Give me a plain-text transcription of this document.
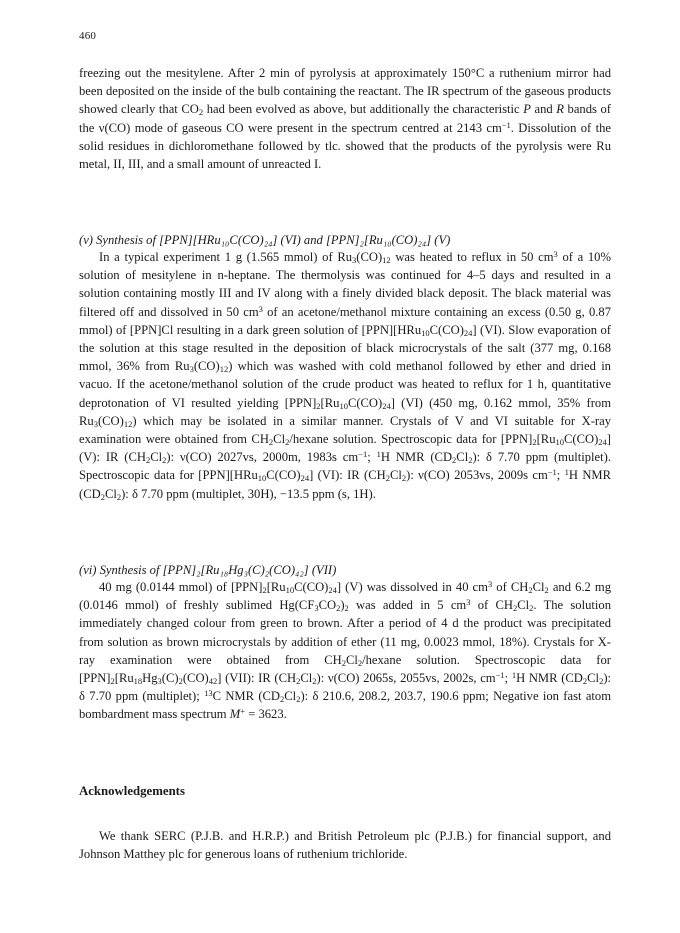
460

freezing out the mesitylene. After 2 min of pyrolysis at approximately 150°C a ruthenium mirror had been deposited on the inside of the bulb containing the reactant. The IR spectrum of the gaseous products showed clearly that $CO_2$ had been evolved as above, but additionally the characteristic P and R bands of the ν(CO) mode of gaseous CO were present in the spectrum centred at 2143 $cm^{-1}$. Dissolution of the solid residues in dichloromethane followed by tlc. showed that the products of the pyrolysis were Ru metal, II, III, and a small amount of unreacted I.

(v) Synthesis of [PPN][HRu₁₀C(CO)₂₄] (VI) and [PPN]₂[Ru₁₀(CO)₂₄] (V)

In a typical experiment 1 g (1.565 mmol) of $Ru_3(CO)_{12}$ was heated to reflux in 50 $cm^3$ of a 10% solution of mesitylene in n-heptane. The thermolysis was continued for 4–5 days and resulted in a solution containing mostly III and IV along with a finely divided black deposit. The black material was filtered off and dissolved in 50 $cm^3$ of an acetone/methanol mixture containing an excess (0.50 g, 0.87 mmol) of [PPN]Cl resulting in a dark green solution of $[PPN][HRu_{10}C(CO)_{24}]$ (VI). Slow evaporation of the solution at this stage resulted in the deposition of black microcrystals of the salt (377 mg, 0.168 mmol, 36% from $Ru_3(CO)_{12}$) which was washed with cold methanol followed by ether and dried in vacuo. If the acetone/methanol solution of the crude product was heated to reflux for 1 h, quantitative deprotonation of VI resulted yielding $[PPN]_2[Ru_{10}C(CO)_{24}]$ (VI) (450 mg, 0.162 mmol, 35% from $Ru_3(CO)_{12}$) which may be isolated in a similar manner. Crystals of V and VI suitable for X-ray examination were obtained from $CH_2Cl_2$/hexane solution. Spectroscopic data for $[PPN]_2[Ru_{10}C(CO)_{24}](V)$: IR $(CH_2Cl_2)$: ν(CO) 2027vs, 2000m, 1983s $cm^{-1}$; $^1$H NMR $(CD_2Cl_2)$: δ 7.70 ppm (multiplet). Spectroscopic data for $[PPN][HRu_{10}C(CO)_{24}]$ (VI): IR $(CH_2Cl_2)$: ν(CO) 2053vs, 2009s $cm^{-1}$; $^1$H NMR $(CD_2Cl_2)$: δ 7.70 ppm (multiplet, 30H), −13.5 ppm (s, 1H).

(vi) Synthesis of [PPN]₂[Ru₁₈Hg₃(C)₂(CO)₄₂] (VII)

40 mg (0.0144 mmol) of $[PPN]_2[Ru_{10}C(CO)_{24}]$ (V) was dissolved in 40 $cm^3$ of $CH_2Cl_2$ and 6.2 mg (0.0146 mmol) of freshly sublimed $Hg(CF_3CO_2)_2$ was added in 5 $cm^3$ of $CH_2Cl_2$. The solution immediately changed colour from green to brown. After a period of 4 d the product was precipitated from solution as brown microcrystals by addition of ether (11 mg, 0.0023 mmol, 18%). Crystals for X-ray examination were obtained from $CH_2Cl_2$/hexane solution. Spectroscopic data for $[PPN]_2[Ru_{18}Hg_3(C)_2(CO)_{42}]$ (VII): IR $(CH_2Cl_2)$: ν(CO) 2065s, 2055vs, 2002s, $cm^{-1}$; $^1$H NMR $(CD_2Cl_2)$: δ 7.70 ppm (multiplet); $^{13}$C NMR $(CD_2Cl_2)$: δ 210.6, 208.2, 203.7, 190.6 ppm; Negative ion fast atom bombardment mass spectrum M+ = 3623.

Acknowledgements

We thank SERC (P.J.B. and H.R.P.) and British Petroleum plc (P.J.B.) for financial support, and Johnson Matthey plc for generous loans of ruthenium trichloride.
